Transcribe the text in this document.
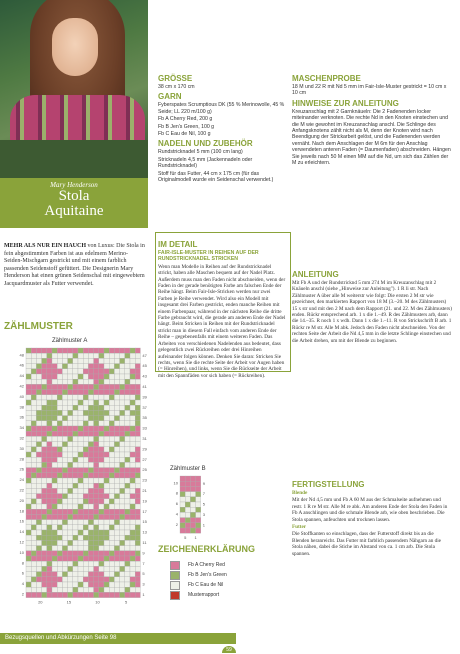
Mary Henderson
Stola
Aquitaine
MEHR ALS NUR EIN HAUCH von Luxus: Die Stola in fein abgestimmten Farben ist aus edelmem Merino-Seiden-Mischgarn gestrickt und mit einem farblich passenden Seidenstoff gefüttert. Die Designerin Mary Henderson hat einen grünen Seidenschal mit eingewebtem Jacquardmuster als Futter verwendet.
ZÄHLMUSTER
Zählmuster A
48
46
44
42
40
38
36
34
32
30
28
26
24
22
20
18
16
14
12
10
8
6
4
2
47
45
43
41
39
37
35
33
31
29
27
25
23
21
19
17
15
13
11
9
7
5
3
1
20	15	10	5
Zählmuster B
10
8
6
4
2
9
7
5
3
1
5 1
ZEICHENERKLÄRUNG
Fb A Cherry Red
Fb B Jen's Green
Fb C Eau de Nil
Musterrapport
GRÖSSE

38 cm x 170 cm

GARN

Fyberspates Scrumptious DK (55 % Merinowolle, 45 % Seide; LL 220 m/100 g)

Fb A Cherry Red, 200 g

Fb B Jen's Green, 100 g

Fb C Eau de Nil, 100 g

NADELN UND ZUBEHÖR

Rundstricknadel 5 mm (100 cm lang)

Stricknadeln 4,5 mm (Jackennadeln oder Rundstricknadel)

Stoff für das Futter, 44 cm x 175 cm (für das Originalmodell wurde ein Seidenschal verwendet.)

MASCHENPROBE

18 M und 22 R mit Nd 5 mm im Fair-Isle-Muster gestrickt = 10 cm x 10 cm

HINWEISE ZUR ANLEITUNG

Kreuzanschlag mit 2 Garnknäueln: Die 2 Fadenenden locker miteinander verknoten. Die rechte Nd in den Knoten einstechen und die M wie gewohnt im Kreuzanschlag anschl. Die Schlinge des Anfangsknotens zählt nicht als M, denn der Knoten wird nach Beendigung der Strickarbeit gelöst, und die Fadenenden werden vernäht. Nach dem Anschlagen der M 6m für den Anschlag verwendeten anteren Faden (= Daumenfaden) abschneiden. Hängen Sie jeweils nach 50 M einen MM auf die Nd, um sich das Zählen der M zu erleichtern.

IM DETAIL

FAIR-ISLE-MUSTER IN REIHEN AUF DER RUNDSTRICKNADEL STRICKEN

Wenn man Modelle in Reihen auf der Rundstricknadel strickt, haben alle Maschen bequem auf der Nadel Platz. Außerdem muss man den Faden nicht abschneiden, wenn der Faden in der gerade benötigten Farbe am falschen Ende der Reihe hängt. Beim Fair-Isle-Stricken werden nur zwei Farben je Reihe verwendet. Wird also ein Modell mit insgesamt drei Farben gestrickt, enden manche Reihen mit einem Farbenpaar, während in der nächsten Reihe die dritte Farbe gebraucht wird, die gerade am anderen Ende der Nadel hängt. Beim Stricken in Reihen mit der Rundstricknadel strickt man in diesem Fall einfach vom anderen Ende der Reihe – gegebenenfalls mit einem weiteren Faden. Das Arbeiten von verschiedenen Nadelenden aus bedeutet, dass gelegentlich zwei Rückreihen oder drei Hinreihen aufeinander folgen können. Denken Sie daran: Stricken Sie rechts, wenn Sie die rechte Seite der Arbeit vor Augen haben (= Hinreihen), und links, wenn Sie die Rückseite der Arbeit mit den Spannfäden vor sich haben (= Rückreihen).

ANLEITUNG

Mit Fb A und der Rundstricknd 5 mm 274 M im Kreuzanschlag mit 2 Knäueln anschl (siehe „Hinweise zur Anleitung"). 1 R li str. Nach Zählmuster A über alle M weiterstr wie folgt: Die ersten 2 M str wie gezeichnet, den markierten Rapport von 18 M (3.–20. M des Zählmusters) 15 x str und mit den 2 M nach dem Rapport (21. und 22. M des Zählmusters) enden. Rückr entsprechend arb. 1 x die 1.–49. R des Zählmusters arb, dann die 14.–35. R noch 1 x wdh. Dann 1 x die 1.–11. R von Strickschrift B arb. 1 Rückr re M str. Alle M abk. Jedoch den Faden nicht abschneiden. Von der rechten Seite der Arbeit die Nd 4,5 mm in die letzte Schlinge einstechen und die Arbeit drehen, um mit der Blende zu beginnen.

FERTIGSTELLUNG

Blende

Mit der Nd 4,5 mm und Fb A 60 M aus der Schmalseite aufnehmen und restr. 1 R re M str. Alle M re abk. Am anderen Ende der Stola den Faden in Fb A anschlingen und die schmale Blende arb, wie oben beschrieben. Die Stola spannen, anfeuchten und trocknen lassen.

Futter

Die Stoffkanten so einschlagen, dass der Futterstoff direkt bis an die Blenden heranreicht. Das Futter mit farblich passendem Nähgarn an die Stola nähen, dabei die Stiche im Abstand von ca. 1 cm arb. Die Stola spannen.

Bezugsquellen und Abkürzungen Seite 98
59
